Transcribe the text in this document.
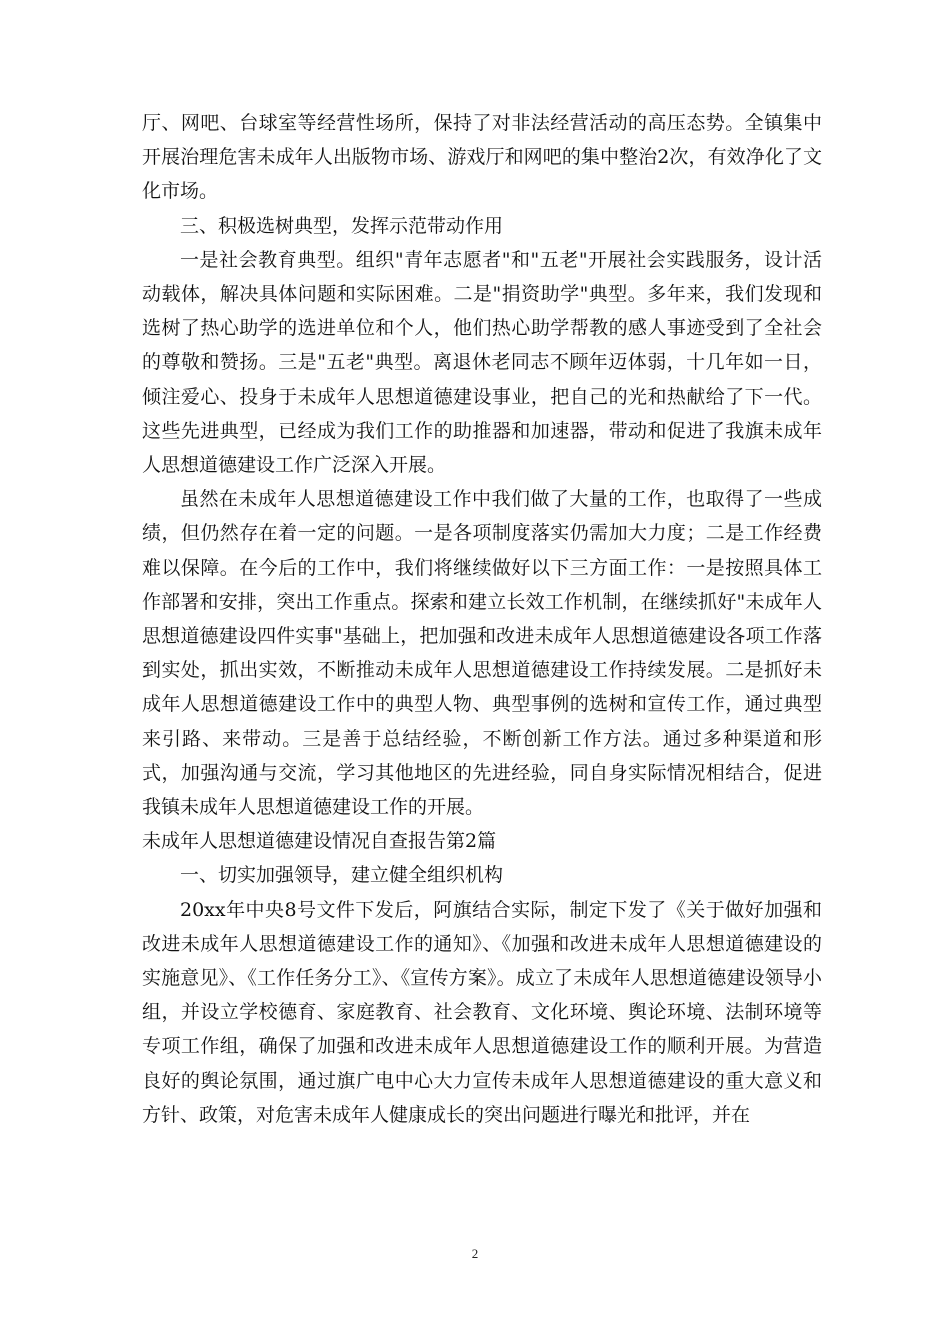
厅、网吧、台球室等经营性场所，保持了对非法经营活动的高压态势。全镇集中开展治理危害未成年人出版物市场、游戏厅和网吧的集中整治2次，有效净化了文化市场。

三、积极选树典型，发挥示范带动作用

一是社会教育典型。组织"青年志愿者"和"五老"开展社会实践服务，设计活动载体，解决具体问题和实际困难。二是"捐资助学"典型。多年来，我们发现和选树了热心助学的选进单位和个人，他们热心助学帮教的感人事迹受到了全社会的尊敬和赞扬。三是"五老"典型。离退休老同志不顾年迈体弱，十几年如一日，倾注爱心、投身于未成年人思想道德建设事业，把自己的光和热献给了下一代。这些先进典型，已经成为我们工作的助推器和加速器，带动和促进了我旗未成年人思想道德建设工作广泛深入开展。

虽然在未成年人思想道德建设工作中我们做了大量的工作，也取得了一些成绩，但仍然存在着一定的问题。一是各项制度落实仍需加大力度；二是工作经费难以保障。在今后的工作中，我们将继续做好以下三方面工作：一是按照具体工作部署和安排，突出工作重点。探索和建立长效工作机制，在继续抓好"未成年人思想道德建设四件实事"基础上，把加强和改进未成年人思想道德建设各项工作落到实处，抓出实效，不断推动未成年人思想道德建设工作持续发展。二是抓好未成年人思想道德建设工作中的典型人物、典型事例的选树和宣传工作，通过典型来引路、来带动。三是善于总结经验，不断创新工作方法。通过多种渠道和形式，加强沟通与交流，学习其他地区的先进经验，同自身实际情况相结合，促进我镇未成年人思想道德建设工作的开展。

未成年人思想道德建设情况自查报告第2篇

一、切实加强领导，建立健全组织机构

20xx年中央8号文件下发后，阿旗结合实际，制定下发了《关于做好加强和改进未成年人思想道德建设工作的通知》、《加强和改进未成年人思想道德建设的实施意见》、《工作任务分工》、《宣传方案》。成立了未成年人思想道德建设领导小组，并设立学校德育、家庭教育、社会教育、文化环境、舆论环境、法制环境等专项工作组，确保了加强和改进未成年人思想道德建设工作的顺利开展。为营造良好的舆论氛围，通过旗广电中心大力宣传未成年人思想道德建设的重大意义和方针、政策，对危害未成年人健康成长的突出问题进行曝光和批评，并在

2
